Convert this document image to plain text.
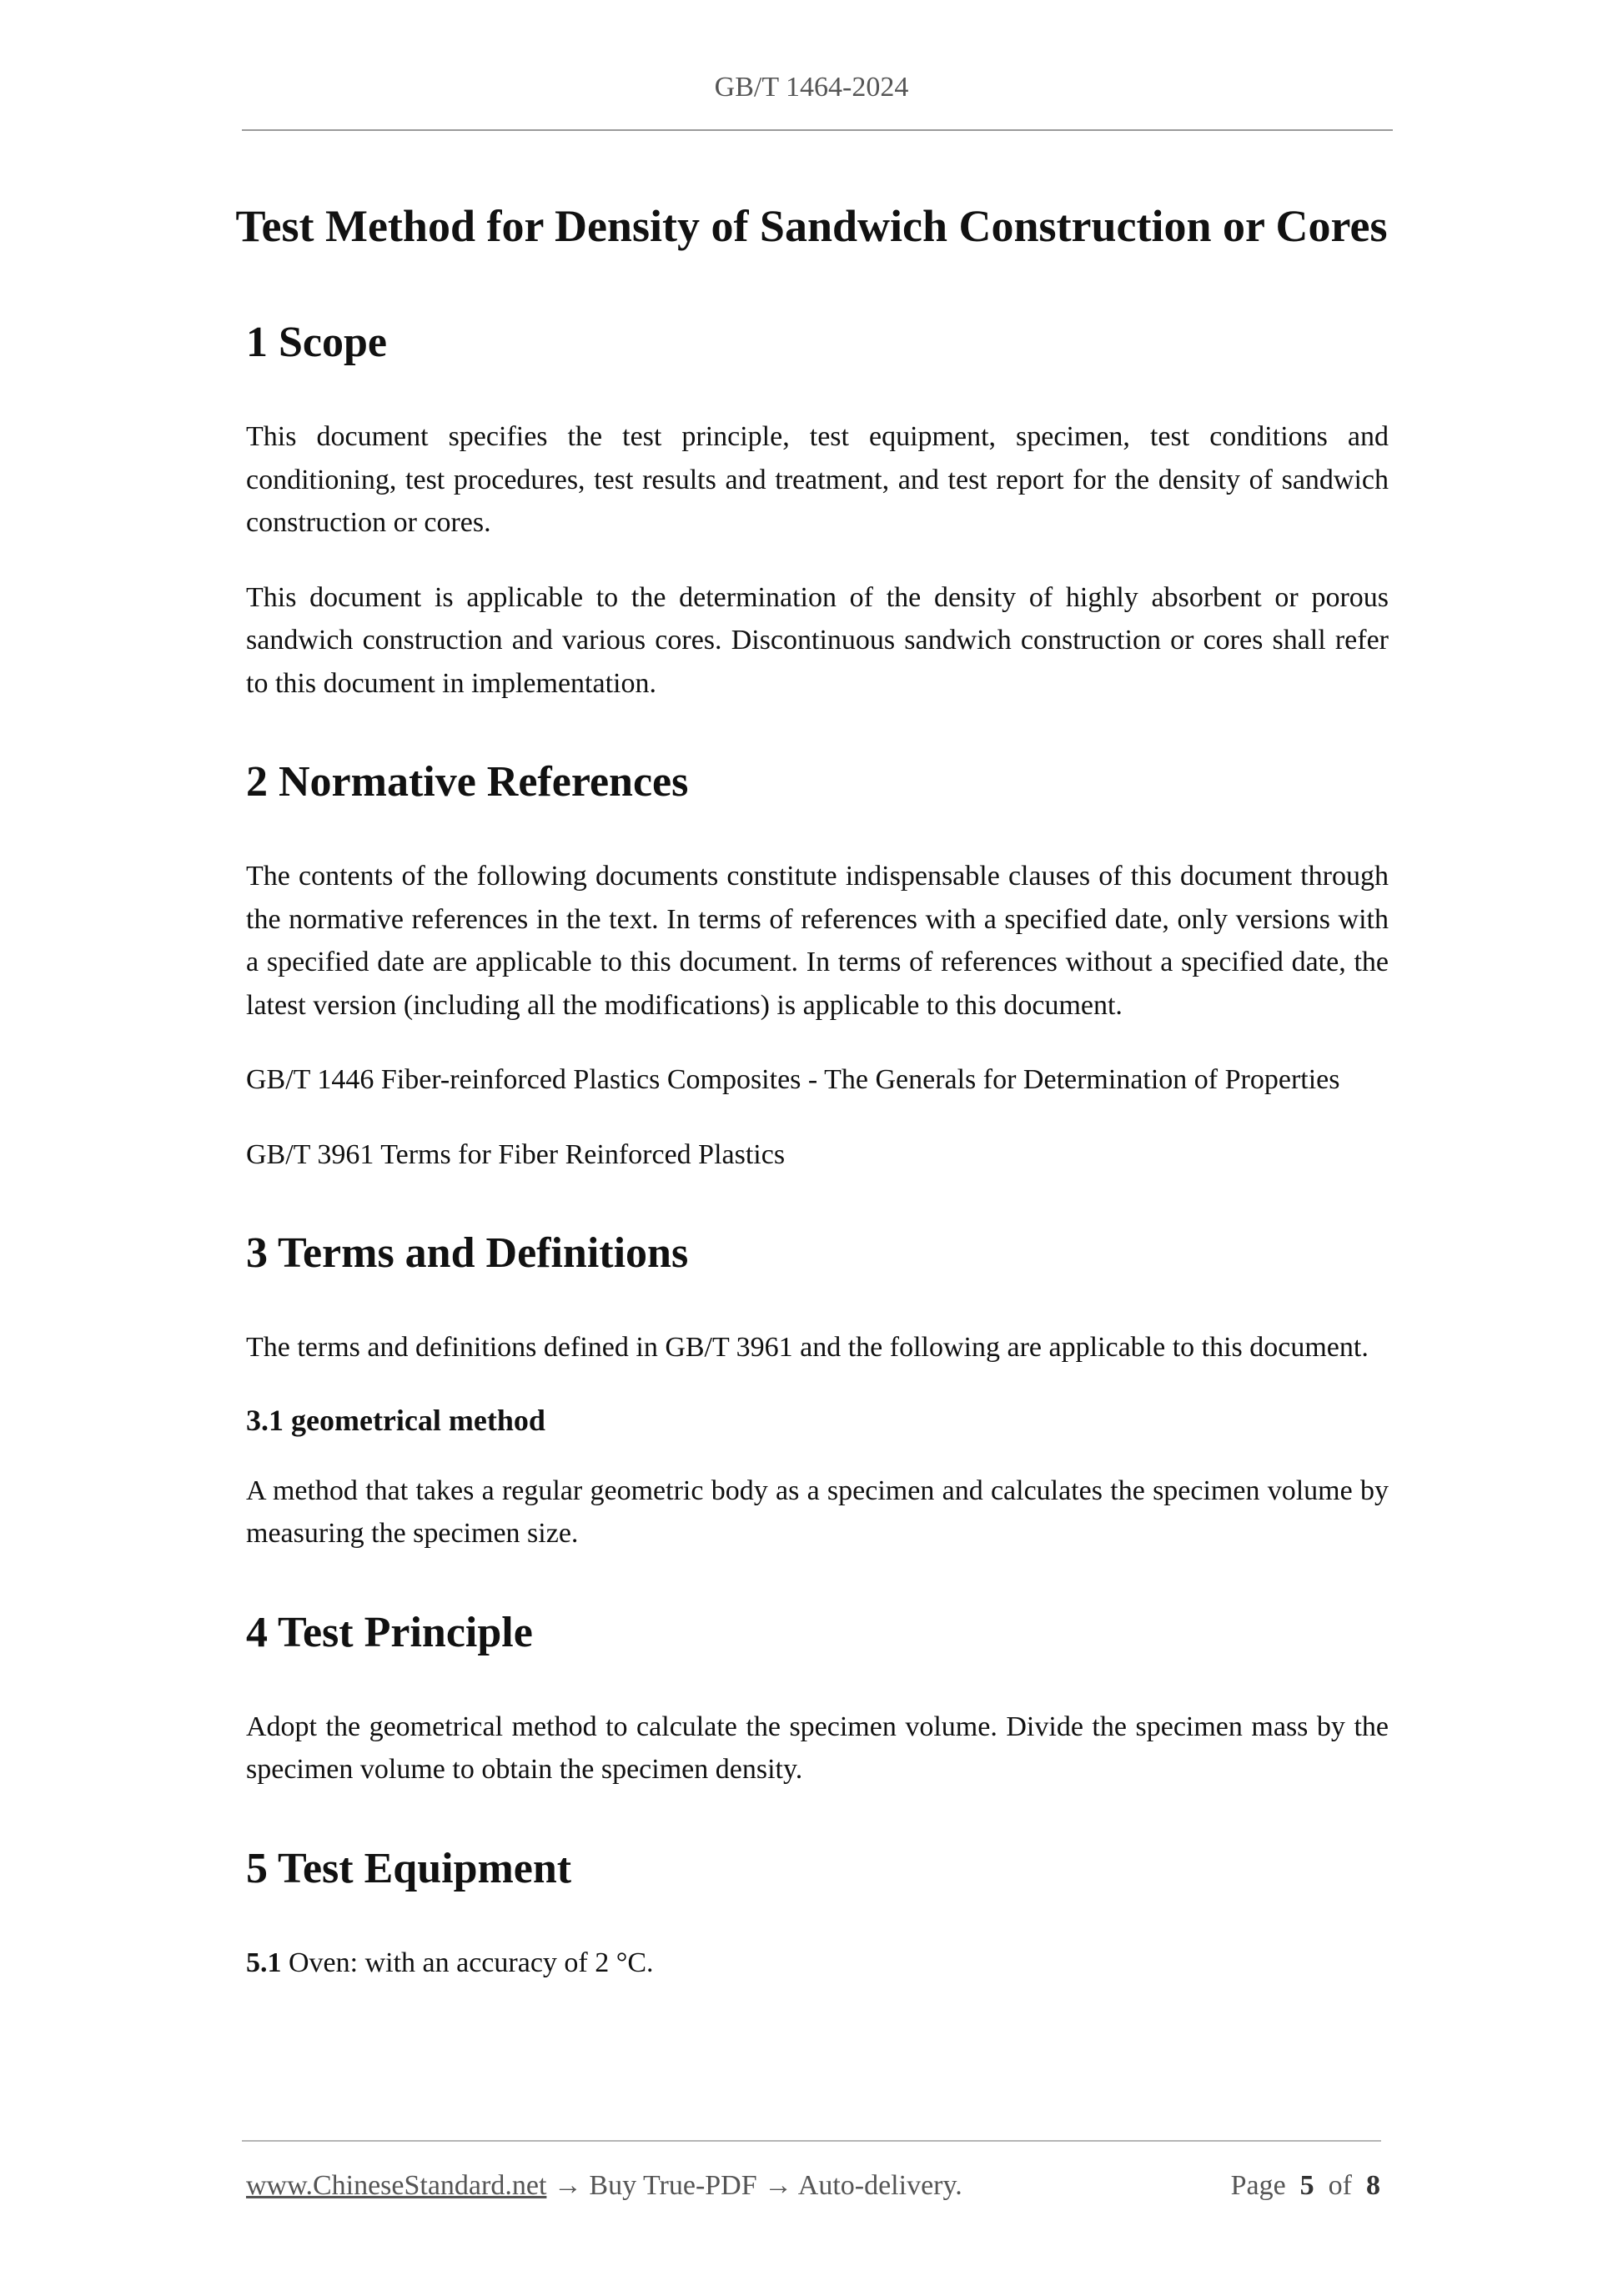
GB/T 1464-2024
Test Method for Density of Sandwich Construction or Cores
1 Scope

This document specifies the test principle, test equipment, specimen, test conditions and conditioning, test procedures, test results and treatment, and test report for the density of sandwich construction or cores.

This document is applicable to the determination of the density of highly absorbent or porous sandwich construction and various cores. Discontinuous sandwich construction or cores shall refer to this document in implementation.

2 Normative References

The contents of the following documents constitute indispensable clauses of this document through the normative references in the text. In terms of references with a specified date, only versions with a specified date are applicable to this document. In terms of references without a specified date, the latest version (including all the modifications) is applicable to this document.

GB/T 1446 Fiber-reinforced Plastics Composites - The Generals for Determination of Properties

GB/T 3961 Terms for Fiber Reinforced Plastics

3 Terms and Definitions

The terms and definitions defined in GB/T 3961 and the following are applicable to this document.

3.1 geometrical method

A method that takes a regular geometric body as a specimen and calculates the specimen volume by measuring the specimen size.

4 Test Principle

Adopt the geometrical method to calculate the specimen volume. Divide the specimen mass by the specimen volume to obtain the specimen density.

5 Test Equipment

5.1 Oven: with an accuracy of 2 °C.

www.ChineseStandard.net → Buy True-PDF → Auto-delivery.	Page 5 of 8
